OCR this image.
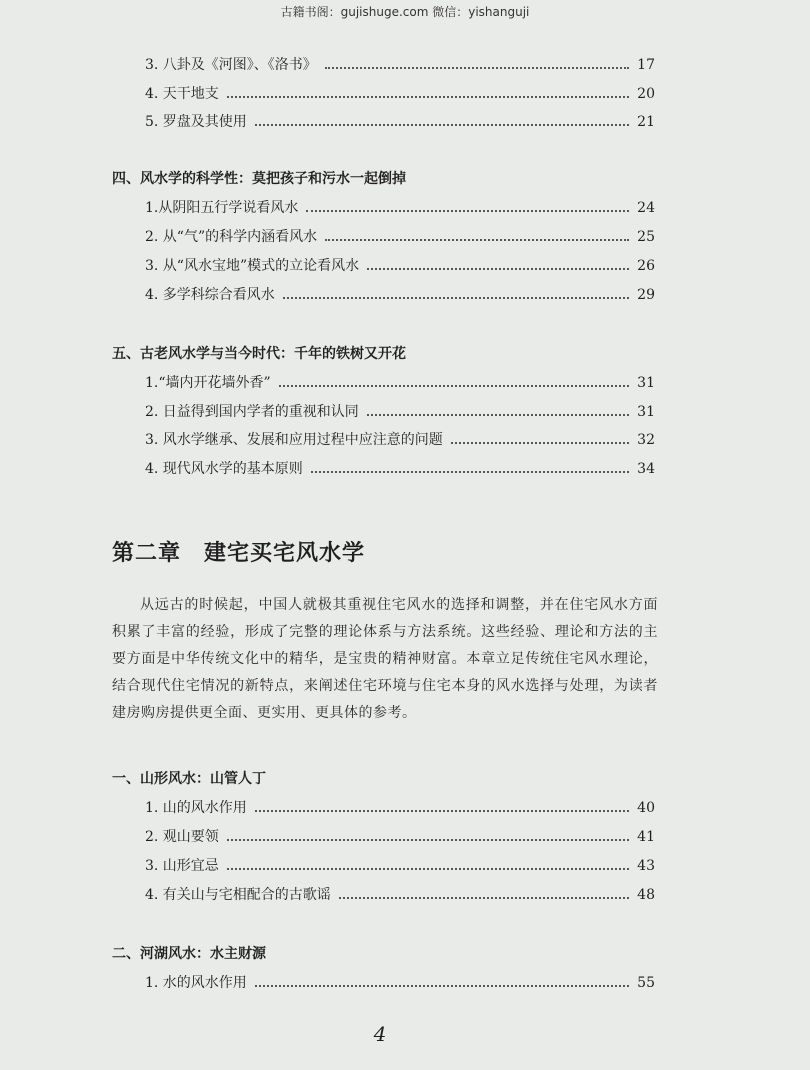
古籍书阁：gujishuge.com 微信：yishanguji
3. 八卦及《河图》、《洛书》	17
4. 天干地支	20
5. 罗盘及其使用	21
四、风水学的科学性：莫把孩子和污水一起倒掉
1.从阴阳五行学说看风水	24
2. 从“气”的科学内涵看风水	25
3. 从“风水宝地”模式的立论看风水	26
4. 多学科综合看风水	29
五、古老风水学与当今时代：千年的铁树又开花
1.“墙内开花墙外香”	31
2. 日益得到国内学者的重视和认同	31
3. 风水学继承、发展和应用过程中应注意的问题	32
4. 现代风水学的基本原则	34
第二章　建宅买宅风水学
从远古的时候起，中国人就极其重视住宅风水的选择和调整，并在住宅风水方面积累了丰富的经验，形成了完整的理论体系与方法系统。这些经验、理论和方法的主要方面是中华传统文化中的精华，是宝贵的精神财富。本章立足传统住宅风水理论，结合现代住宅情况的新特点，来阐述住宅环境与住宅本身的风水选择与处理，为读者建房购房提供更全面、更实用、更具体的参考。
一、山形风水：山管人丁
1. 山的风水作用	40
2. 观山要领	41
3. 山形宜忌	43
4. 有关山与宅相配合的古歌谣	48
二、河湖风水：水主财源
1. 水的风水作用	55
4
